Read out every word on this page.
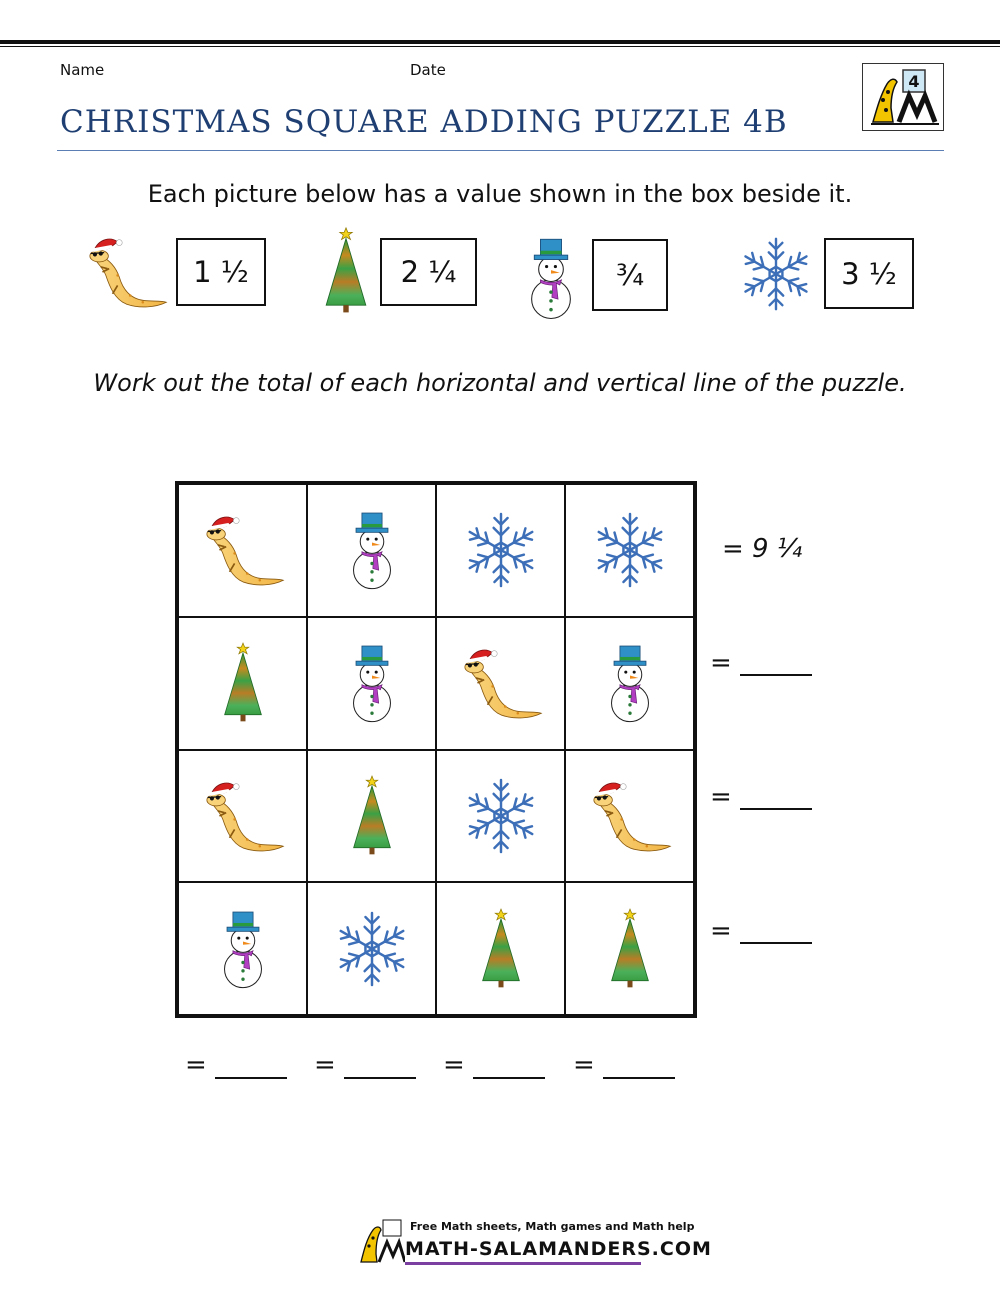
Name	Date
CHRISTMAS SQUARE ADDING PUZZLE 4B
4
Each picture below has a value shown in the box beside it.
1 ½	2 ¼	¾	3 ½
Work out the total of each horizontal and vertical line of the puzzle.
= 9 ¼
=
=
=
=	=	=	=
Free Math sheets, Math games and Math help
MATH-SALAMANDERS.COM
